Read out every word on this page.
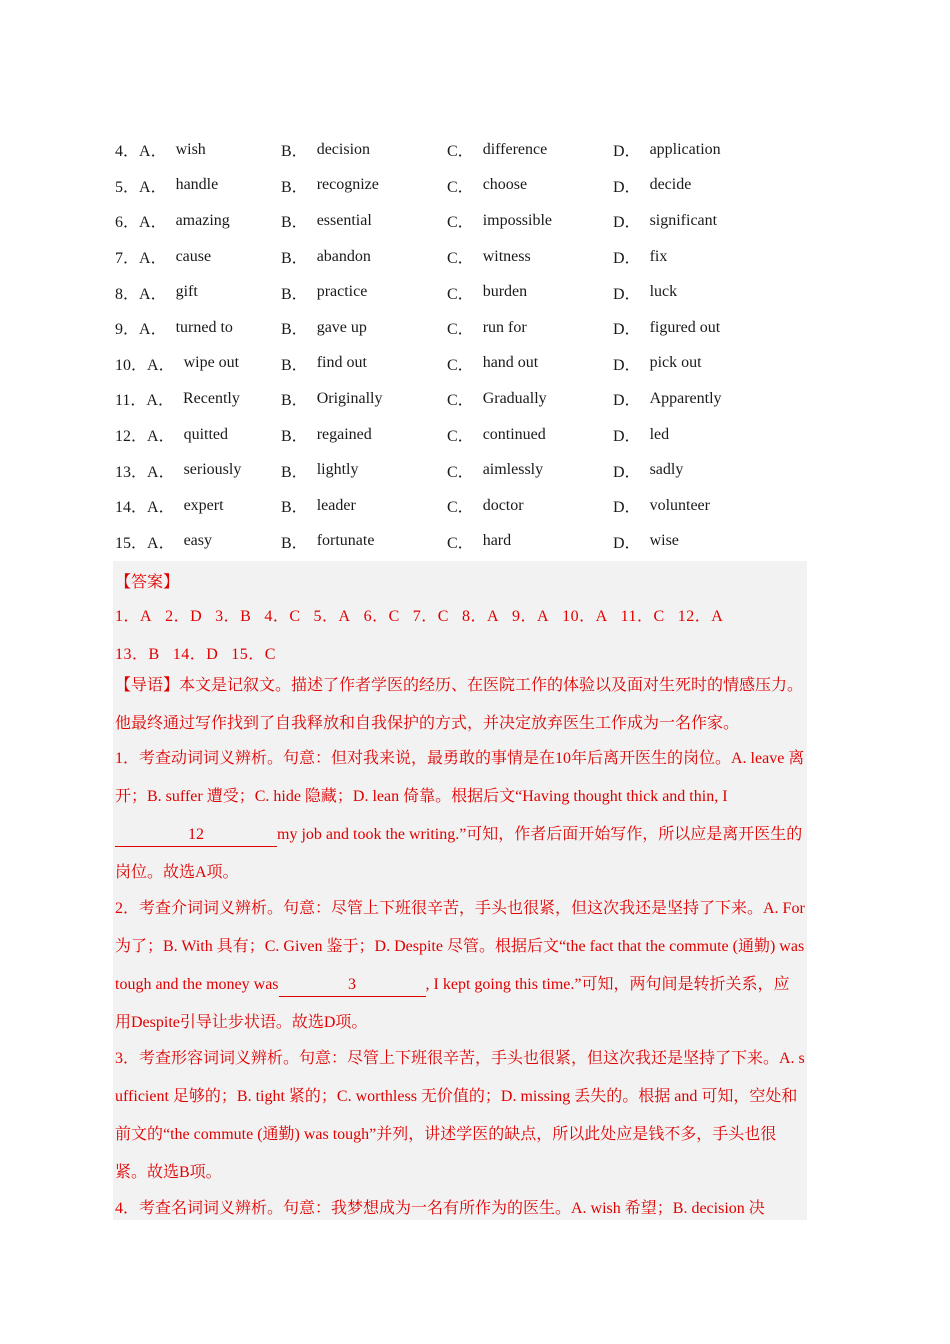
4． A． wish	B． decision	C． difference	D． application
5． A． handle	B． recognize	C． choose	D． decide
6． A． amazing	B． essential	C． impossible	D． significant
7． A． cause	B． abandon	C． witness	D． fix
8． A． gift	B． practice	C． burden	D． luck
9． A． turned to	B． gave up	C． run for	D． figured out
10． A． wipe out	B． find out	C． hand out	D． pick out
11． A． Recently	B． Originally	C． Gradually	D． Apparently
12． A． quitted	B． regained	C． continued	D． led
13． A． seriously B． lightly	C． aimlessly	D． sadly
14． A． expert	B． leader	C． doctor	D． volunteer
15． A． easy	B． fortunate	C． hard	D． wise
【答案】
1．A 2．D 3．B 4．C 5．A 6．C 7．C 8．A 9．A 10．A 11．C 12．A
13．B 14．D 15．C
【导语】本文是记叙文。描述了作者学医的经历、在医院工作的体验以及面对生死时的情感压力。他最终通过写作找到了自我释放和自我保护的方式，并决定放弃医生工作成为一名作家。
1．考查动词词义辨析。句意：但对我来说，最勇敢的事情是在10年后离开医生的岗位。A. leave 离开；B. suffer 遭受；C. hide 隐藏；D. lean 倚靠。根据后文“Having thought thick and thin, I12	my job and took the writing.”可知，作者后面开始写作，所以应是离开医生的岗位。故选A项。
2．考查介词词义辨析。句意：尽管上下班很辛苦，手头也很紧，但这次我还是坚持了下来。A. For 为了；B. With 具有；C. Given 鉴于；D. Despite 尽管。根据后文“the fact that the commute (通勤) was tough and the money was	3	, I kept going this time.”可知，两句间是转折关系，应用Despite引导让步状语。故选D项。
3．考查形容词词义辨析。句意：尽管上下班很辛苦，手头也很紧，但这次我还是坚持了下来。A. sufficient 足够的；B. tight 紧的；C. worthless 无价值的；D. missing 丢失的。根据 and 可知，空处和前文的“the commute (通勤) was tough”并列，讲述学医的缺点，所以此处应是钱不多，手头也很紧。故选B项。
4．考查名词词义辨析。句意：我梦想成为一名有所作为的医生。A. wish 希望；B. decision 决
